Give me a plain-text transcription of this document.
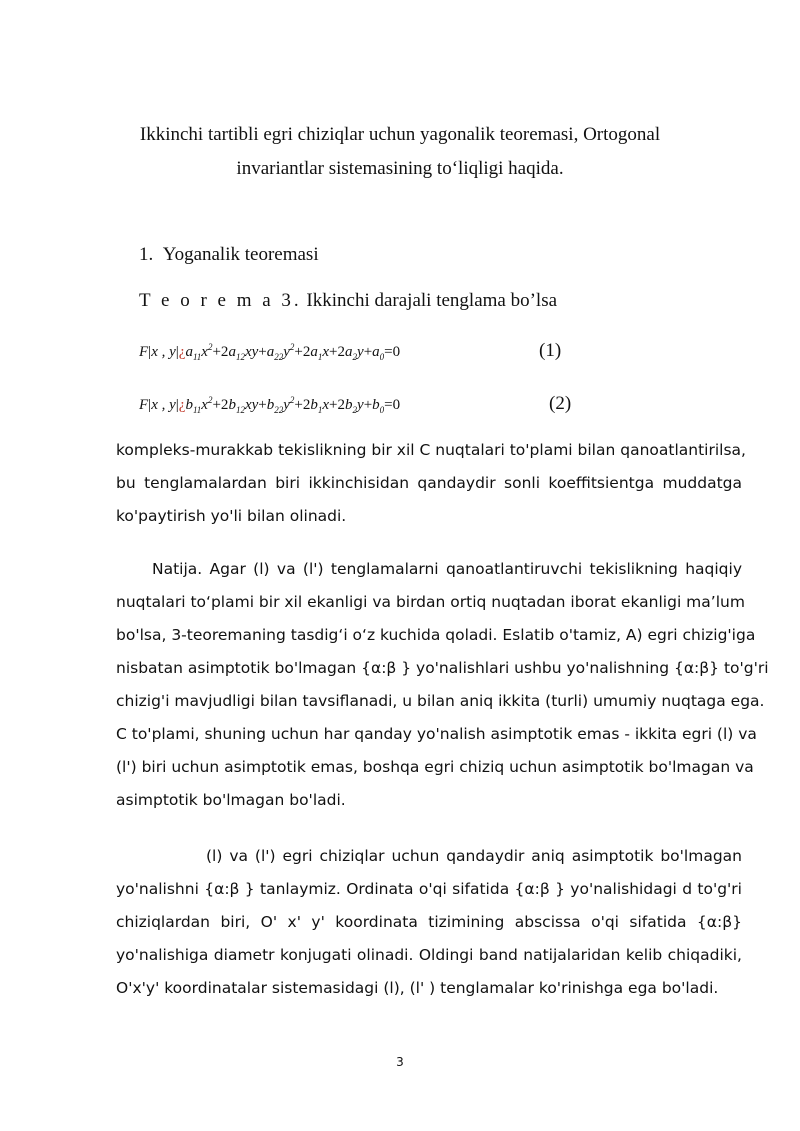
Ikkinchi tartibli egri chiziqlar uchun yagonalik teoremasi, Ortogonal
invariantlar sistemasining to‘liqligi haqida.
1. Yoganalik teoremasi
T e o r e m a 3. Ikkinchi darajali tenglama bo’lsa
F|x , $y|¿a_{11}x^2+2a_{12}xy+a_{22}y^2+2a_1x+2a_2y+a_0=0$	(1)
F|x , $y|¿b_{11}x^2+2b_{12}xy+b_{22}y^2+2b_1x+2b_2y+b_0=0$	(2)
kompleks-murakkab tekislikning bir xil C nuqtalari to'plami bilan qanoatlantirilsa,
bu tenglamalardan biri ikkinchisidan qandaydir sonli koeffitsientga muddatga
ko'paytirish yo'li bilan olinadi.
Natija. Agar (l) va (l') tenglamalarni qanoatlantiruvchi tekislikning haqiqiy
nuqtalari to‘plami bir xil ekanligi va birdan ortiq nuqtadan iborat ekanligi ma’lum
bo'lsa, 3-teoremaning tasdig‘i o‘z kuchida qoladi. Eslatib o'tamiz, A) egri chizig'iga
nisbatan asimptotik bo'lmagan {α:β } yo'nalishlari ushbu yo'nalishning {α:β} to'g'ri
chizig'i mavjudligi bilan tavsiflanadi, u bilan aniq ikkita (turli) umumiy nuqtaga ega.
C to'plami, shuning uchun har qanday yo'nalish asimptotik emas - ikkita egri (l) va
(l') biri uchun asimptotik emas, boshqa egri chiziq uchun asimptotik bo'lmagan va
asimptotik bo'lmagan bo'ladi.
(l) va (l') egri chiziqlar uchun qandaydir aniq asimptotik bo'lmagan
yo'nalishni {α:β } tanlaymiz. Ordinata o'qi sifatida {α:β } yo'nalishidagi d to'g'ri
chiziqlardan biri, O' x' y' koordinata tizimining abscissa o'qi sifatida {α:β}
yo'nalishiga diametr konjugati olinadi. Oldingi band natijalaridan kelib chiqadiki,
O'x'y' koordinatalar sistemasidagi (l), (l' ) tenglamalar ko'rinishga ega bo'ladi.
3
